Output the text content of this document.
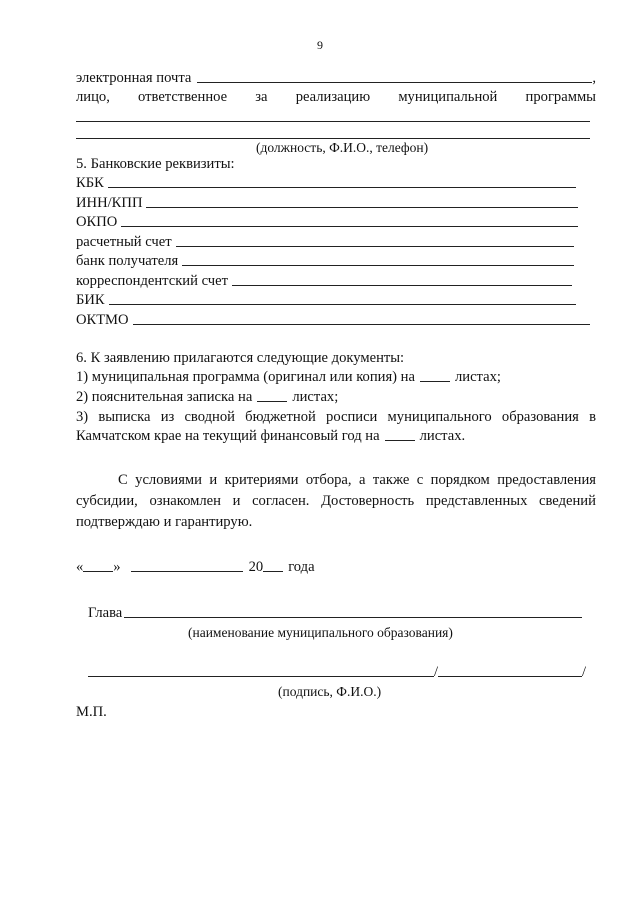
9
электронная почта	,
лицо, ответственное за реализацию муниципальной программы
(должность, Ф.И.О., телефон)
5. Банковские реквизиты:
КБК
ИНН/КПП
ОКПО
расчетный счет
банк получателя
корреспондентский счет
БИК
ОКТМО
6. К заявлению прилагаются следующие документы:
1) муниципальная программа (оригинал или копия) на	листах;
2) пояснительная записка на	листах;
3) выписка из сводной бюджетной росписи муниципального образования в
Камчатском крае на текущий финансовый год на	листах.
С условиями и критериями отбора, а также с порядком предоставления
субсидии, ознакомлен и согласен. Достоверность представленных сведений
подтверждаю и гарантирую.
« »	20 года
Глава
(наименование муниципального образования)
/	/
(подпись, Ф.И.О.)
М.П.
